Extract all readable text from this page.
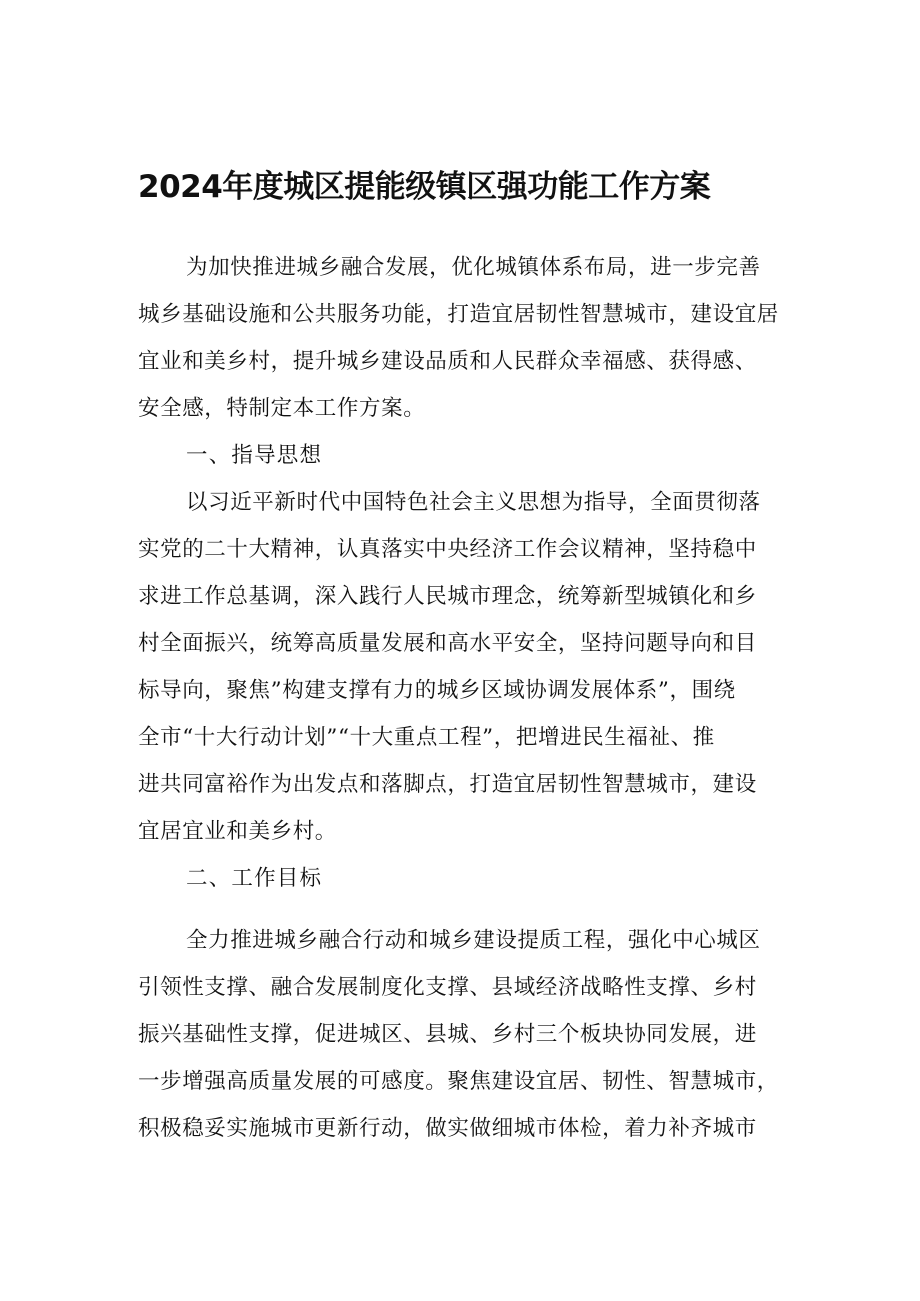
2024年度城区提能级镇区强功能工作方案

为加快推进城乡融合发展，优化城镇体系布局，进一步完善

城乡基础设施和公共服务功能，打造宜居韧性智慧城市，建设宜居

宜业和美乡村，提升城乡建设品质和人民群众幸福感、获得感、

安全感，特制定本工作方案。

一、指导思想

以习近平新时代中国特色社会主义思想为指导，全面贯彻落

实党的二十大精神，认真落实中央经济工作会议精神，坚持稳中

求进工作总基调，深入践行人民城市理念，统筹新型城镇化和乡

村全面振兴，统筹高质量发展和高水平安全，坚持问题导向和目

标导向，聚焦”构建支撑有力的城乡区域协调发展体系”，围绕

全市“十大行动计划”“十大重点工程”，把增进民生福祉、推

进共同富裕作为出发点和落脚点，打造宜居韧性智慧城市，建设

宜居宜业和美乡村。

二、工作目标

全力推进城乡融合行动和城乡建设提质工程，强化中心城区

引领性支撑、融合发展制度化支撑、县域经济战略性支撑、乡村

振兴基础性支撑，促进城区、县城、乡村三个板块协同发展，进

一步增强高质量发展的可感度。聚焦建设宜居、韧性、智慧城市，

积极稳妥实施城市更新行动，做实做细城市体检，着力补齐城市
